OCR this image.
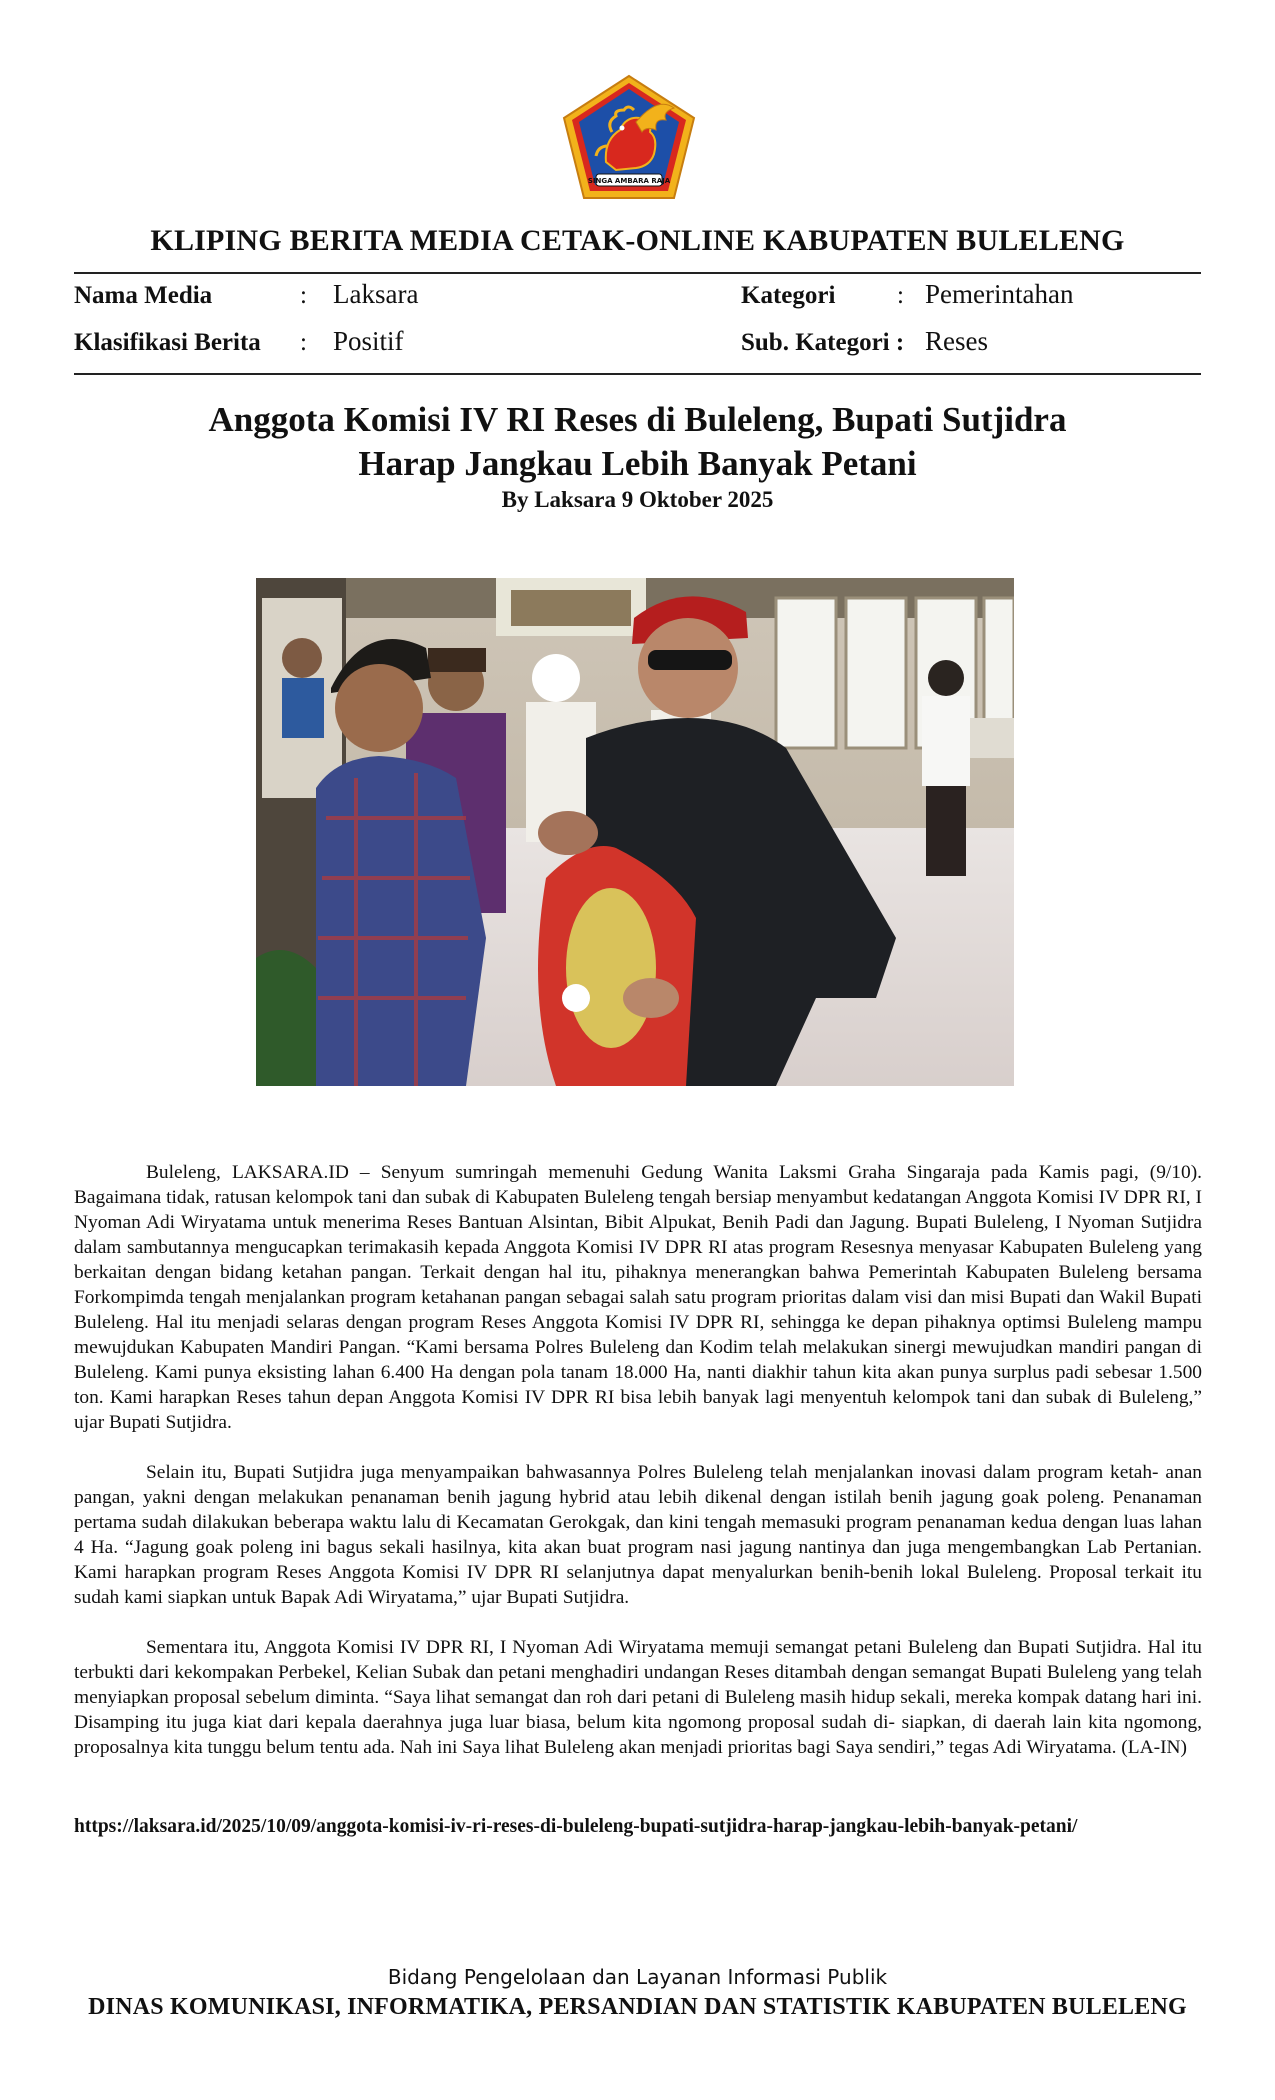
SINGA AMBARA RAJA
KLIPING BERITA MEDIA CETAK-ONLINE KABUPATEN BULELENG
Nama Media	: Laksara
Klasifikasi Berita : Positif
Kategori : Pemerintahan
Sub. Kategori : Reses
Anggota Komisi IV RI Reses di Buleleng, Bupati Sutjidra
Harap Jangkau Lebih Banyak Petani
By Laksara 9 Oktober 2025

Buleleng, LAKSARA.ID – Senyum sumringah memenuhi Gedung Wanita Laksmi Graha Singaraja pada Kamis pagi, (9/10). Bagaimana tidak, ratusan kelompok tani dan subak di Kabupaten Buleleng tengah bersiap menyambut kedatangan Anggota Komisi IV DPR RI, I Nyoman Adi Wiryatama untuk menerima Reses Bantuan Alsintan, Bibit Alpukat, Benih Padi dan Jagung. Bupati Buleleng, I Nyoman Sutjidra dalam sambutannya mengucapkan terimakasih kepada Anggota Komisi IV DPR RI atas program Resesnya menyasar Kabupaten Buleleng yang berkaitan dengan bidang ketahan pangan. Terkait dengan hal itu, pihaknya menerangkan bahwa Pemerintah Kabupaten Buleleng bersama Forkompimda tengah menjalankan program ketahanan pangan sebagai salah satu program prioritas dalam visi dan misi Bupati dan Wakil Bupati Buleleng. Hal itu menjadi selaras dengan program Reses Anggota Komisi IV DPR RI, sehingga ke depan pihaknya optimsi Buleleng mampu mewujdukan Kabupaten Mandiri Pangan. “Kami bersama Polres Buleleng dan Kodim telah melakukan sinergi mewujudkan mandiri pangan di Buleleng. Kami punya eksisting lahan 6.400 Ha dengan pola tanam 18.000 Ha, nanti diakhir tahun kita akan punya surplus padi sebesar 1.500 ton. Kami harapkan Reses tahun depan Anggota Komisi IV DPR RI bisa lebih banyak lagi menyentuh kelompok tani dan subak di Buleleng,” ujar Bupati Sutjidra.

Selain itu, Bupati Sutjidra juga menyampaikan bahwasannya Polres Buleleng telah menjalankan inovasi dalam program ketah- anan pangan, yakni dengan melakukan penanaman benih jagung hybrid atau lebih dikenal dengan istilah benih jagung goak poleng. Penanaman pertama sudah dilakukan beberapa waktu lalu di Kecamatan Gerokgak, dan kini tengah memasuki program penanaman kedua dengan luas lahan 4 Ha. “Jagung goak poleng ini bagus sekali hasilnya, kita akan buat program nasi jagung nantinya dan juga mengembangkan Lab Pertanian. Kami harapkan program Reses Anggota Komisi IV DPR RI selanjutnya dapat menyalurkan benih-benih lokal Buleleng. Proposal terkait itu sudah kami siapkan untuk Bapak Adi Wiryatama,” ujar Bupati Sutjidra.

Sementara itu, Anggota Komisi IV DPR RI, I Nyoman Adi Wiryatama memuji semangat petani Buleleng dan Bupati Sutjidra. Hal itu terbukti dari kekompakan Perbekel, Kelian Subak dan petani menghadiri undangan Reses ditambah dengan semangat Bupati Buleleng yang telah menyiapkan proposal sebelum diminta. “Saya lihat semangat dan roh dari petani di Buleleng masih hidup sekali, mereka kompak datang hari ini. Disamping itu juga kiat dari kepala daerahnya juga luar biasa, belum kita ngomong proposal sudah di- siapkan, di daerah lain kita ngomong, proposalnya kita tunggu belum tentu ada. Nah ini Saya lihat Buleleng akan menjadi prioritas bagi Saya sendiri,” tegas Adi Wiryatama. (LA-IN)

https://laksara.id/2025/10/09/anggota-komisi-iv-ri-reses-di-buleleng-bupati-sutjidra-harap-jangkau-lebih-banyak-petani/
Bidang Pengelolaan dan Layanan Informasi Publik
DINAS KOMUNIKASI, INFORMATIKA, PERSANDIAN DAN STATISTIK KABUPATEN BULELENG
